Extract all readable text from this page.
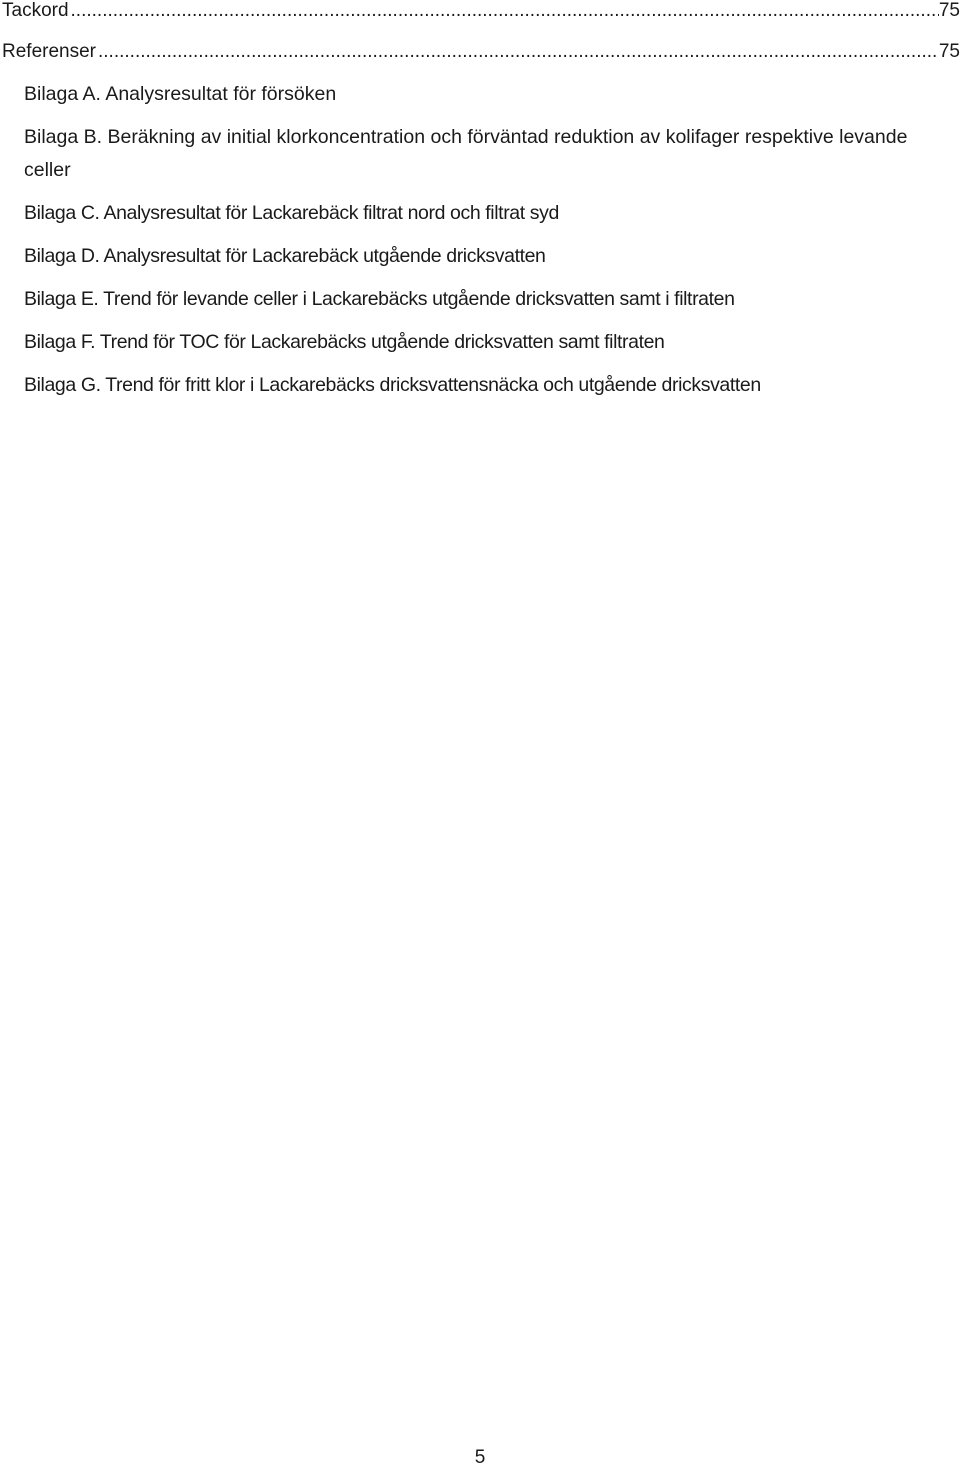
Tackord .....	75
Referenser .....	75
Bilaga A. Analysresultat för försöken
Bilaga B. Beräkning av initial klorkoncentration och förväntad reduktion av kolifager respektive levande celler
Bilaga C. Analysresultat för Lackarebäck filtrat nord och filtrat syd
Bilaga D. Analysresultat för Lackarebäck utgående dricksvatten
Bilaga E. Trend för levande celler i Lackarebäcks utgående dricksvatten samt i filtraten
Bilaga F. Trend för TOC för Lackarebäcks utgående dricksvatten samt filtraten
Bilaga G. Trend för fritt klor i Lackarebäcks dricksvattensnäcka och utgående dricksvatten
5
